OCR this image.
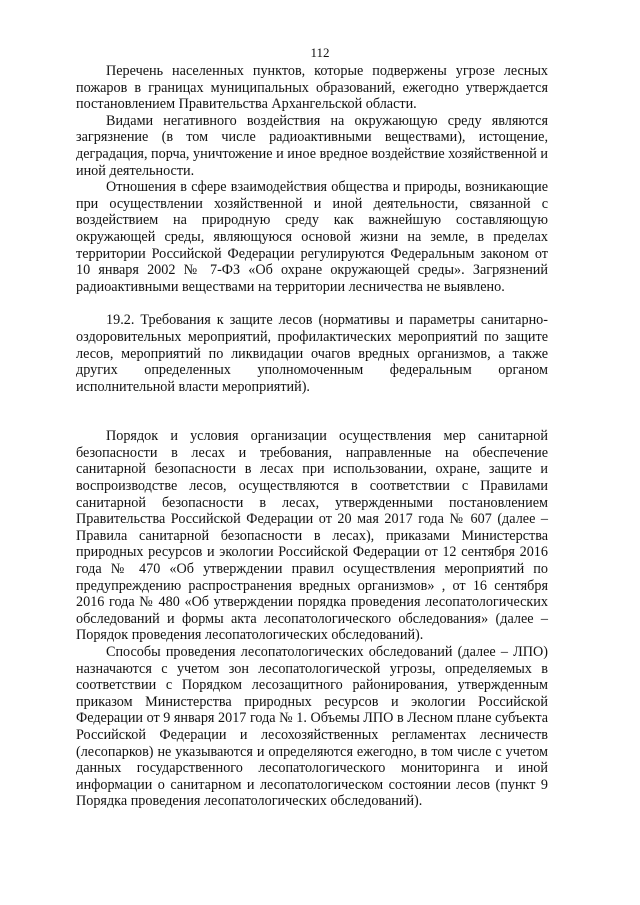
112

Перечень населенных пунктов, которые подвержены угрозе лесных пожаров в границах муниципальных образований, ежегодно утверждается постановлением Правительства Архангельской области.

Видами негативного воздействия на окружающую среду являются загрязнение (в том числе радиоактивными веществами), истощение, деградация, порча, уничтожение и иное вредное воздействие хозяйственной и иной деятельности.

Отношения в сфере взаимодействия общества и природы, возникающие при осуществлении хозяйственной и иной деятельности, связанной с воздействием на природную среду как важнейшую составляющую окружающей среды, являющуюся основой жизни на земле, в пределах территории Российской Федерации регулируются Федеральным законом от 10 января 2002 № 7-ФЗ «Об охране окружающей среды». Загрязнений радиоактивными веществами на территории лесничества не выявлено.

19.2. Требования к защите лесов (нормативы и параметры санитарно-оздоровительных мероприятий, профилактических мероприятий по защите лесов, мероприятий по ликвидации очагов вредных организмов, а также других определенных уполномоченным федеральным органом исполнительной власти мероприятий).

Порядок и условия организации осуществления мер санитарной безопасности в лесах и требования, направленные на обеспечение санитарной безопасности в лесах при использовании, охране, защите и воспроизводстве лесов, осуществляются в соответствии с Правилами санитарной безопасности в лесах, утвержденными постановлением Правительства Российской Федерации от 20 мая 2017 года № 607 (далее – Правила санитарной безопасности в лесах), приказами Министерства природных ресурсов и экологии Российской Федерации от 12 сентября 2016 года № 470 «Об утверждении правил осуществления мероприятий по предупреждению распространения вредных организмов» , от 16 сентября 2016 года № 480 «Об утверждении порядка проведения лесопатологических обследований и формы акта лесопатологического обследования» (далее – Порядок проведения лесопатологических обследований).

Способы проведения лесопатологических обследований (далее – ЛПО) назначаются с учетом зон лесопатологической угрозы, определяемых в соответствии с Порядком лесозащитного районирования, утвержденным приказом Министерства природных ресурсов и экологии Российской Федерации от 9 января 2017 года № 1. Объемы ЛПО в Лесном плане субъекта Российской Федерации и лесохозяйственных регламентах лесничеств (лесопарков) не указываются и определяются ежегодно, в том числе с учетом данных государственного лесопатологического мониторинга и иной информации о санитарном и лесопатологическом состоянии лесов (пункт 9 Порядка проведения лесопатологических обследований).
